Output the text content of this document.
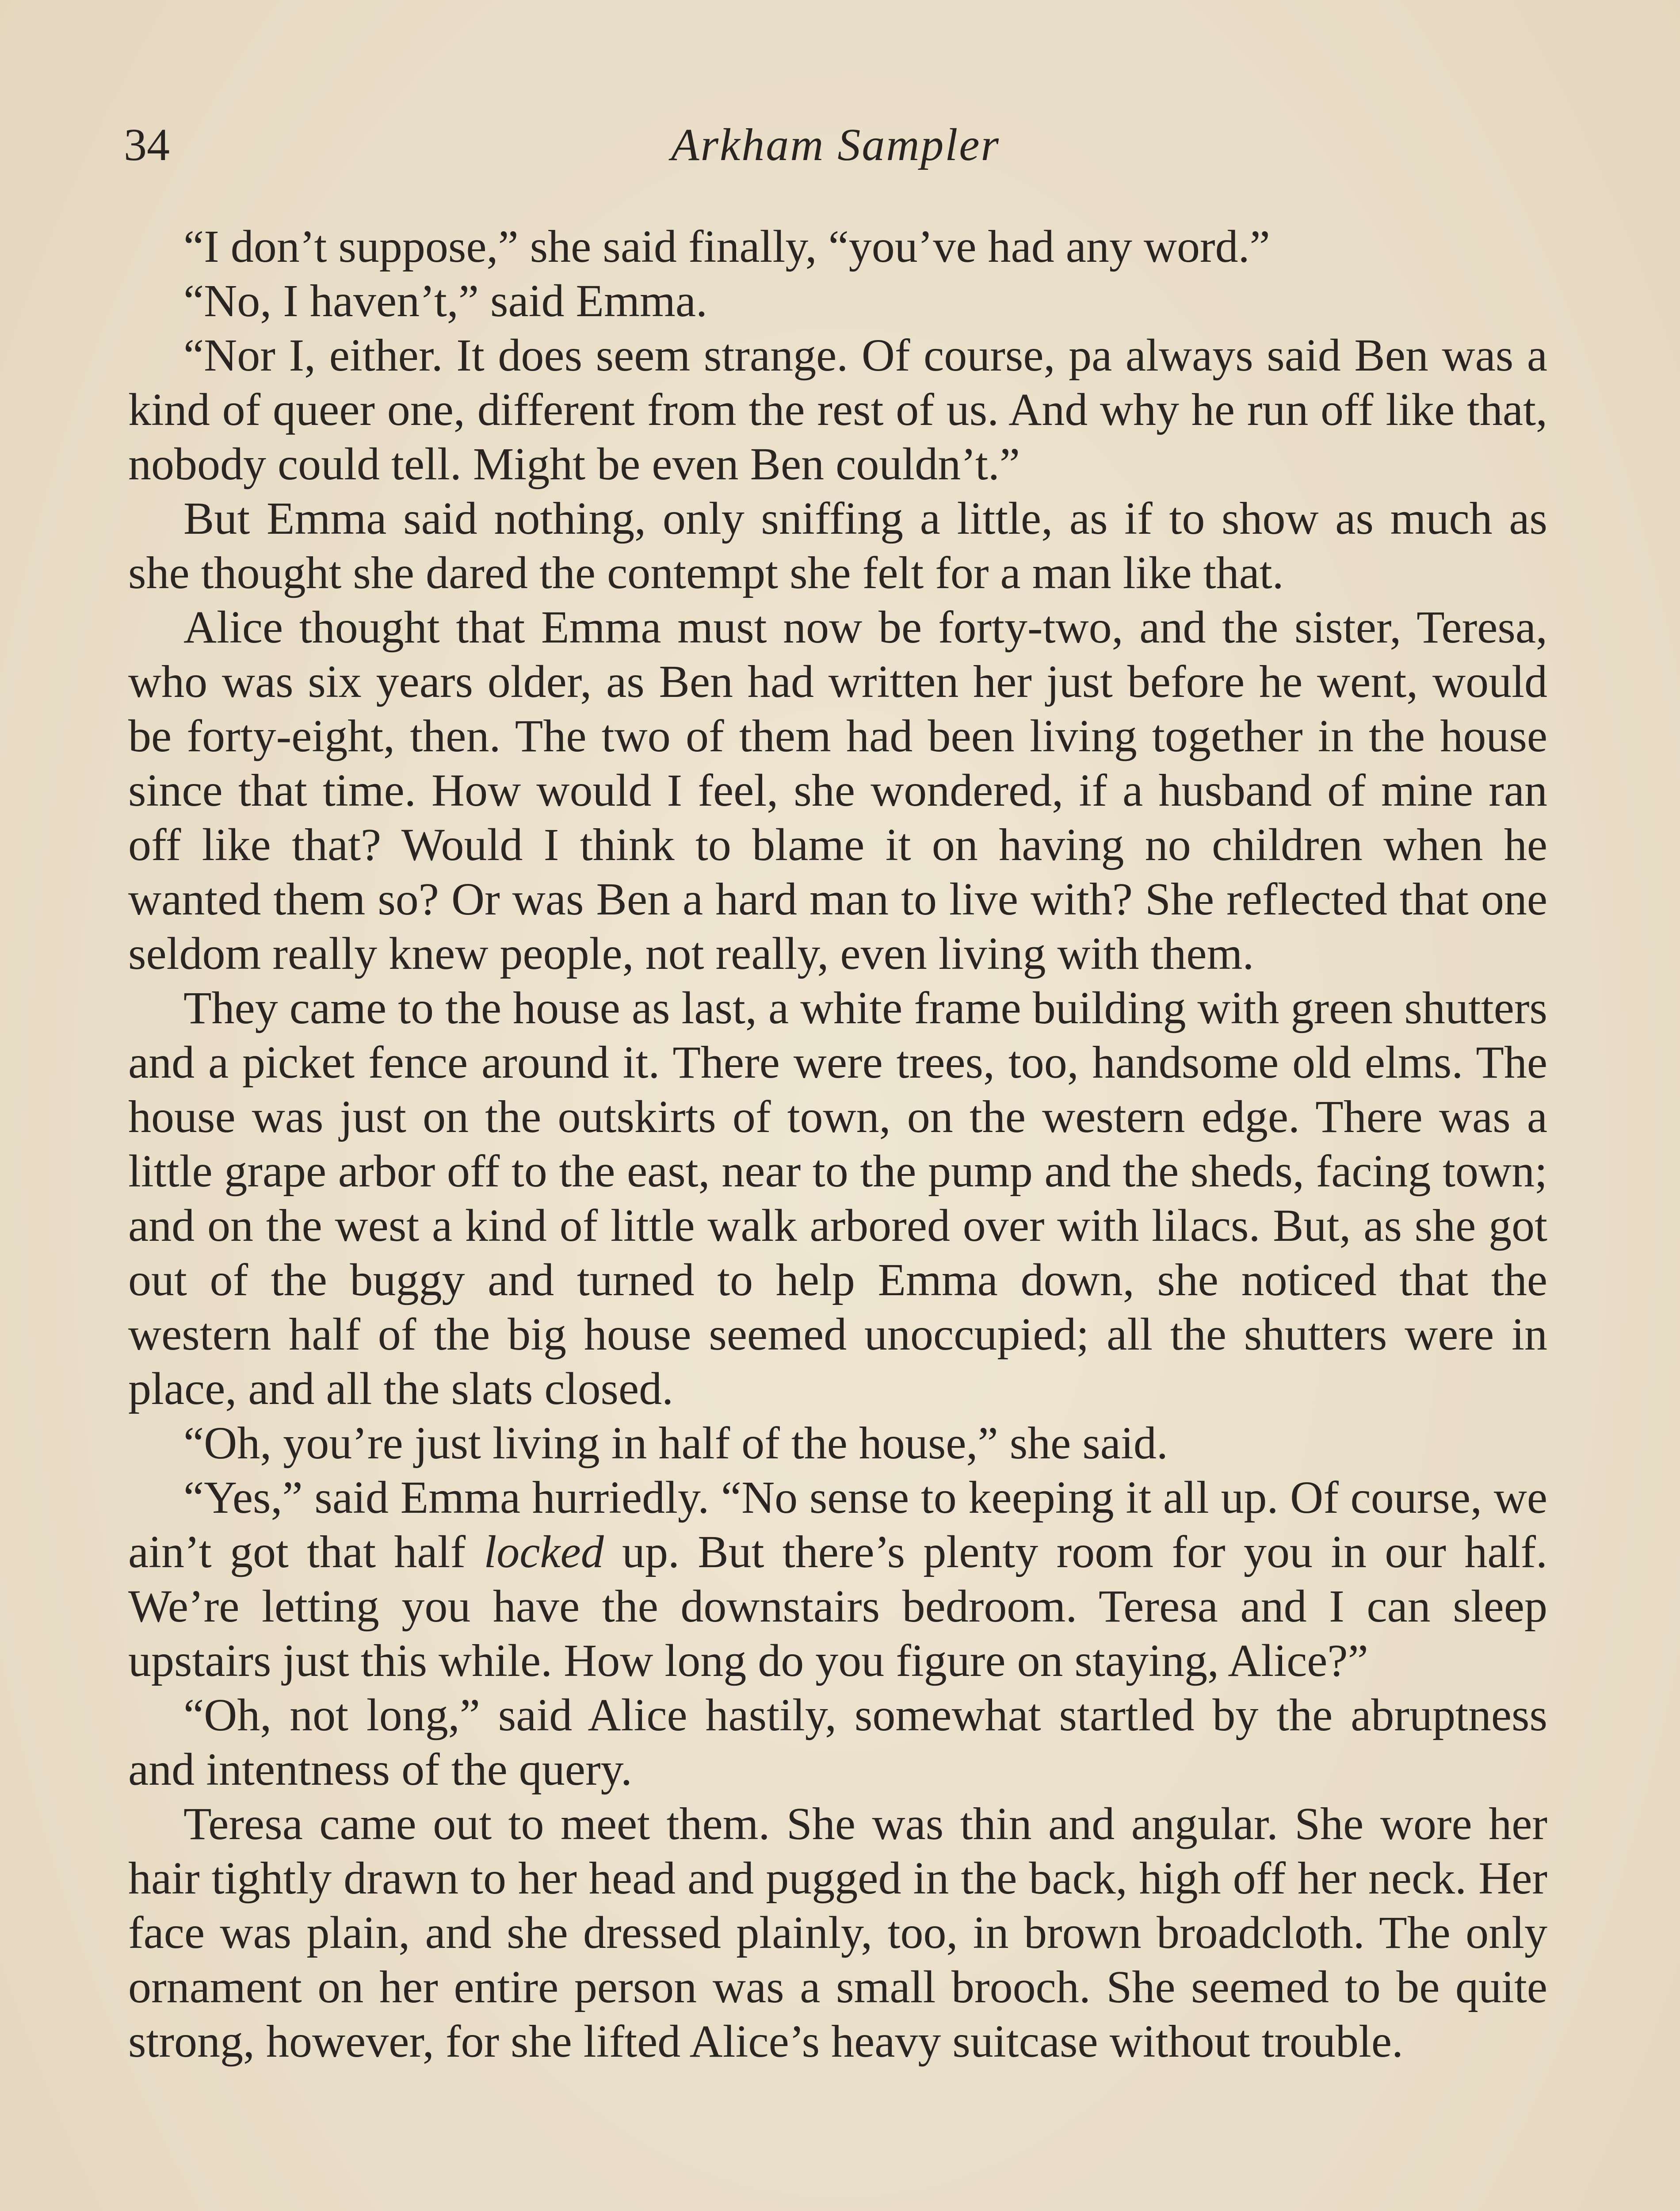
34	Arkham Sampler

“I don’t suppose,” she said finally, “you’ve had any word.”

“No, I haven’t,” said Emma.

“Nor I, either. It does seem strange. Of course, pa always said Ben was a kind of queer one, different from the rest of us. And why he run off like that, nobody could tell. Might be even Ben couldn’t.”

But Emma said nothing, only sniffing a little, as if to show as much as she thought she dared the contempt she felt for a man like that.

Alice thought that Emma must now be forty-two, and the sister, Teresa, who was six years older, as Ben had written her just before he went, would be forty-eight, then. The two of them had been living together in the house since that time. How would I feel, she wondered, if a husband of mine ran off like that? Would I think to blame it on having no children when he wanted them so? Or was Ben a hard man to live with? She reflected that one seldom really knew people, not really, even living with them.

They came to the house as last, a white frame building with green shutters and a picket fence around it. There were trees, too, handsome old elms. The house was just on the outskirts of town, on the western edge. There was a little grape arbor off to the east, near to the pump and the sheds, facing town; and on the west a kind of little walk arbored over with lilacs. But, as she got out of the buggy and turned to help Emma down, she noticed that the western half of the big house seemed unoccupied; all the shutters were in place, and all the slats closed.

“Oh, you’re just living in half of the house,” she said.

“Yes,” said Emma hurriedly. “No sense to keeping it all up. Of course, we ain’t got that half locked up. But there’s plenty room for you in our half. We’re letting you have the downstairs bedroom. Teresa and I can sleep upstairs just this while. How long do you figure on staying, Alice?”

“Oh, not long,” said Alice hastily, somewhat startled by the abruptness and intentness of the query.

Teresa came out to meet them. She was thin and angular. She wore her hair tightly drawn to her head and pugged in the back, high off her neck. Her face was plain, and she dressed plainly, too, in brown broadcloth. The only ornament on her entire person was a small brooch. She seemed to be quite strong, however, for she lifted Alice’s heavy suitcase without trouble.
